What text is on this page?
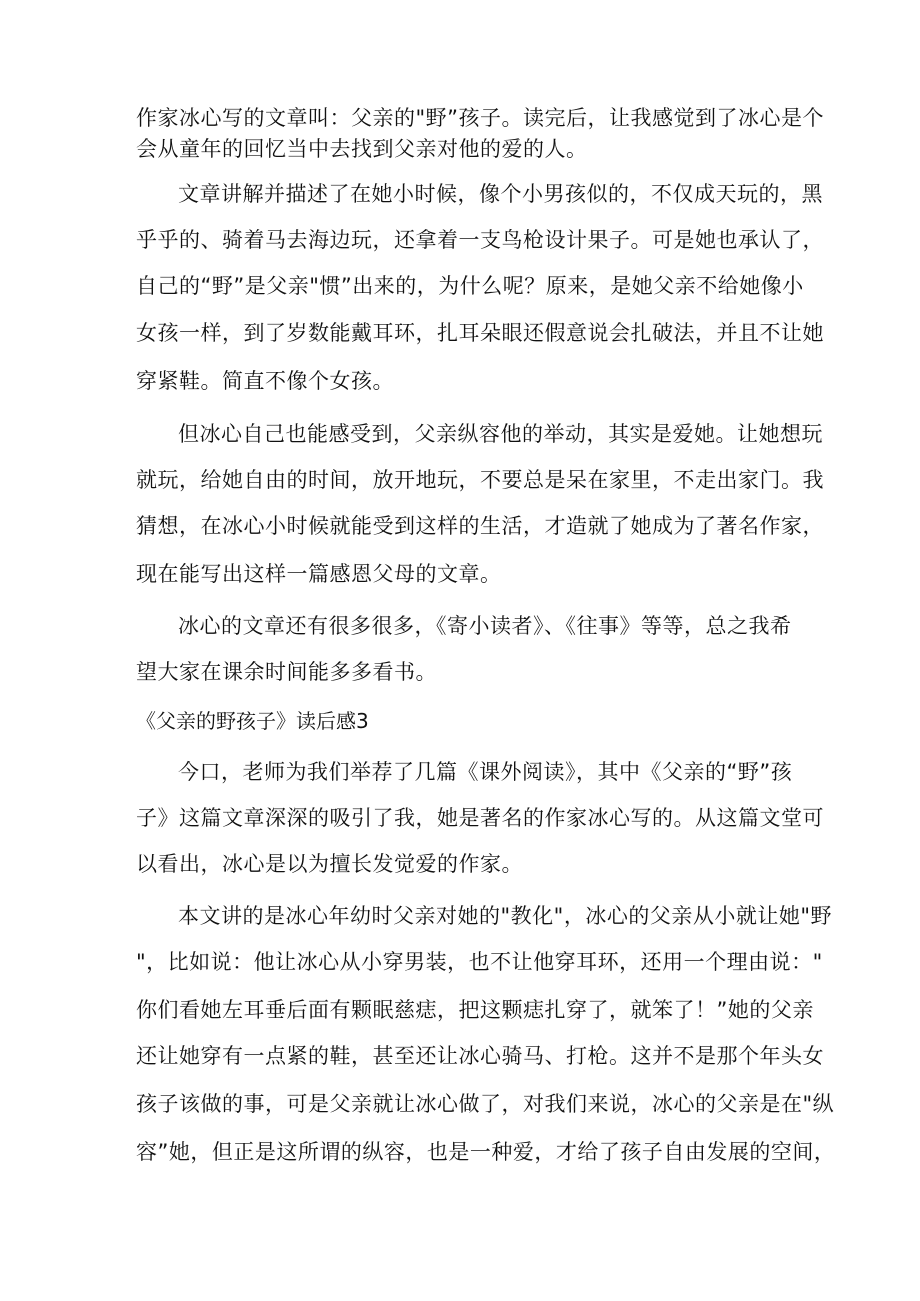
作家冰心写的文章叫：父亲的"野”孩子。读完后，让我感觉到了冰心是个
会从童年的回忆当中去找到父亲对他的爱的人。
文章讲解并描述了在她小时候，像个小男孩似的，不仅成天玩的，黑
乎乎的、骑着马去海边玩，还拿着一支鸟枪设计果子。可是她也承认了，
自己的“野”是父亲"惯”出来的，为什么呢？原来，是她父亲不给她像小
女孩一样，到了岁数能戴耳环，扎耳朵眼还假意说会扎破法，并且不让她
穿紧鞋。简直不像个女孩。
但冰心自己也能感受到，父亲纵容他的举动，其实是爱她。让她想玩
就玩，给她自由的时间，放开地玩，不要总是呆在家里，不走出家门。我
猜想，在冰心小时候就能受到这样的生活，才造就了她成为了著名作家，
现在能写出这样一篇感恩父母的文章。
冰心的文章还有很多很多，《寄小读者》、《往事》等等，总之我希
望大家在课余时间能多多看书。
《父亲的野孩子》读后感3
今口，老师为我们举荐了几篇《课外阅读》，其中《父亲的“野”孩
子》这篇文章深深的吸引了我，她是著名的作家冰心写的。从这篇文堂可
以看出，冰心是以为擅长发觉爱的作家。
本文讲的是冰心年幼时父亲对她的"教化"，冰心的父亲从小就让她"野
"，比如说：他让冰心从小穿男装，也不让他穿耳环，还用一个理由说："
你们看她左耳垂后面有颗眠慈痣，把这颗痣扎穿了，就笨了！”她的父亲
还让她穿有一点紧的鞋，甚至还让冰心骑马、打枪。这并不是那个年头女
孩子该做的事，可是父亲就让冰心做了，对我们来说，冰心的父亲是在"纵
容”她，但正是这所谓的纵容，也是一种爱，才给了孩子自由发展的空间，
